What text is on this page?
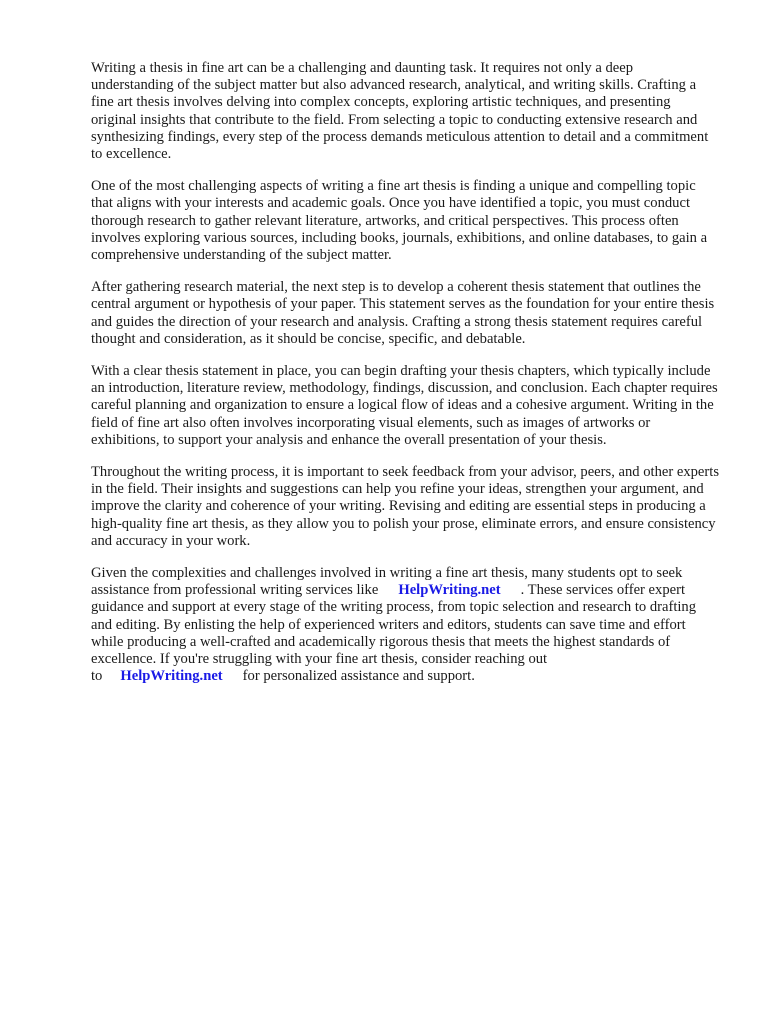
Writing a thesis in fine art can be a challenging and daunting task. It requires not only a deep understanding of the subject matter but also advanced research, analytical, and writing skills. Crafting a fine art thesis involves delving into complex concepts, exploring artistic techniques, and presenting original insights that contribute to the field. From selecting a topic to conducting extensive research and synthesizing findings, every step of the process demands meticulous attention to detail and a commitment to excellence.

One of the most challenging aspects of writing a fine art thesis is finding a unique and compelling topic that aligns with your interests and academic goals. Once you have identified a topic, you must conduct thorough research to gather relevant literature, artworks, and critical perspectives. This process often involves exploring various sources, including books, journals, exhibitions, and online databases, to gain a comprehensive understanding of the subject matter.

After gathering research material, the next step is to develop a coherent thesis statement that outlines the central argument or hypothesis of your paper. This statement serves as the foundation for your entire thesis and guides the direction of your research and analysis. Crafting a strong thesis statement requires careful thought and consideration, as it should be concise, specific, and debatable.

With a clear thesis statement in place, you can begin drafting your thesis chapters, which typically include an introduction, literature review, methodology, findings, discussion, and conclusion. Each chapter requires careful planning and organization to ensure a logical flow of ideas and a cohesive argument. Writing in the field of fine art also often involves incorporating visual elements, such as images of artworks or exhibitions, to support your analysis and enhance the overall presentation of your thesis.

Throughout the writing process, it is important to seek feedback from your advisor, peers, and other experts in the field. Their insights and suggestions can help you refine your ideas, strengthen your argument, and improve the clarity and coherence of your writing. Revising and editing are essential steps in producing a high-quality fine art thesis, as they allow you to polish your prose, eliminate errors, and ensure consistency and accuracy in your work.

Given the complexities and challenges involved in writing a fine art thesis, many students opt to seek assistance from professional writing services like HelpWriting.net . These services offer expert guidance and support at every stage of the writing process, from topic selection and research to drafting and editing. By enlisting the help of experienced writers and editors, students can save time and effort while producing a well-crafted and academically rigorous thesis that meets the highest standards of excellence. If you're struggling with your fine art thesis, consider reaching out to HelpWriting.net for personalized assistance and support.
